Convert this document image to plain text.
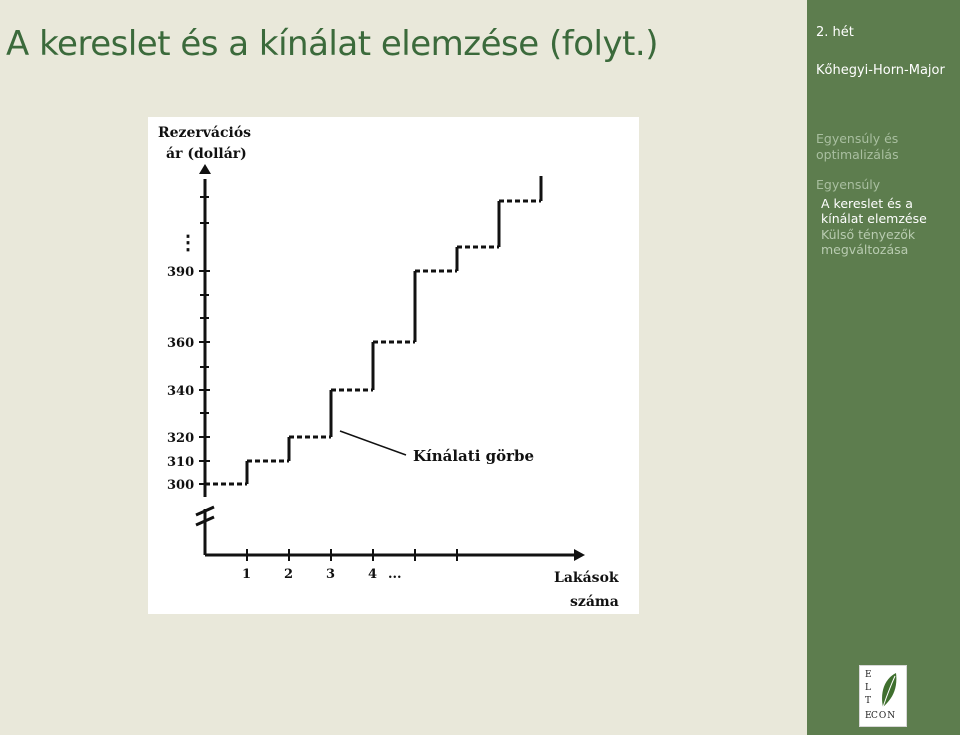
A kereslet és a kínálat elemzése (folyt.)
Rezervációs
ár (dollár)
Lakások
száma
⋮
Kínálati görbe
300
310
320
340
360
390
1	2	3	4 ...
2. hét
Kőhegyi-Horn-Major
Egyensúly és optimalizálás
Egyensúly
A kereslet és a kínálat elemzése
Külső tényezők megváltozása
E
L
T
E CON
